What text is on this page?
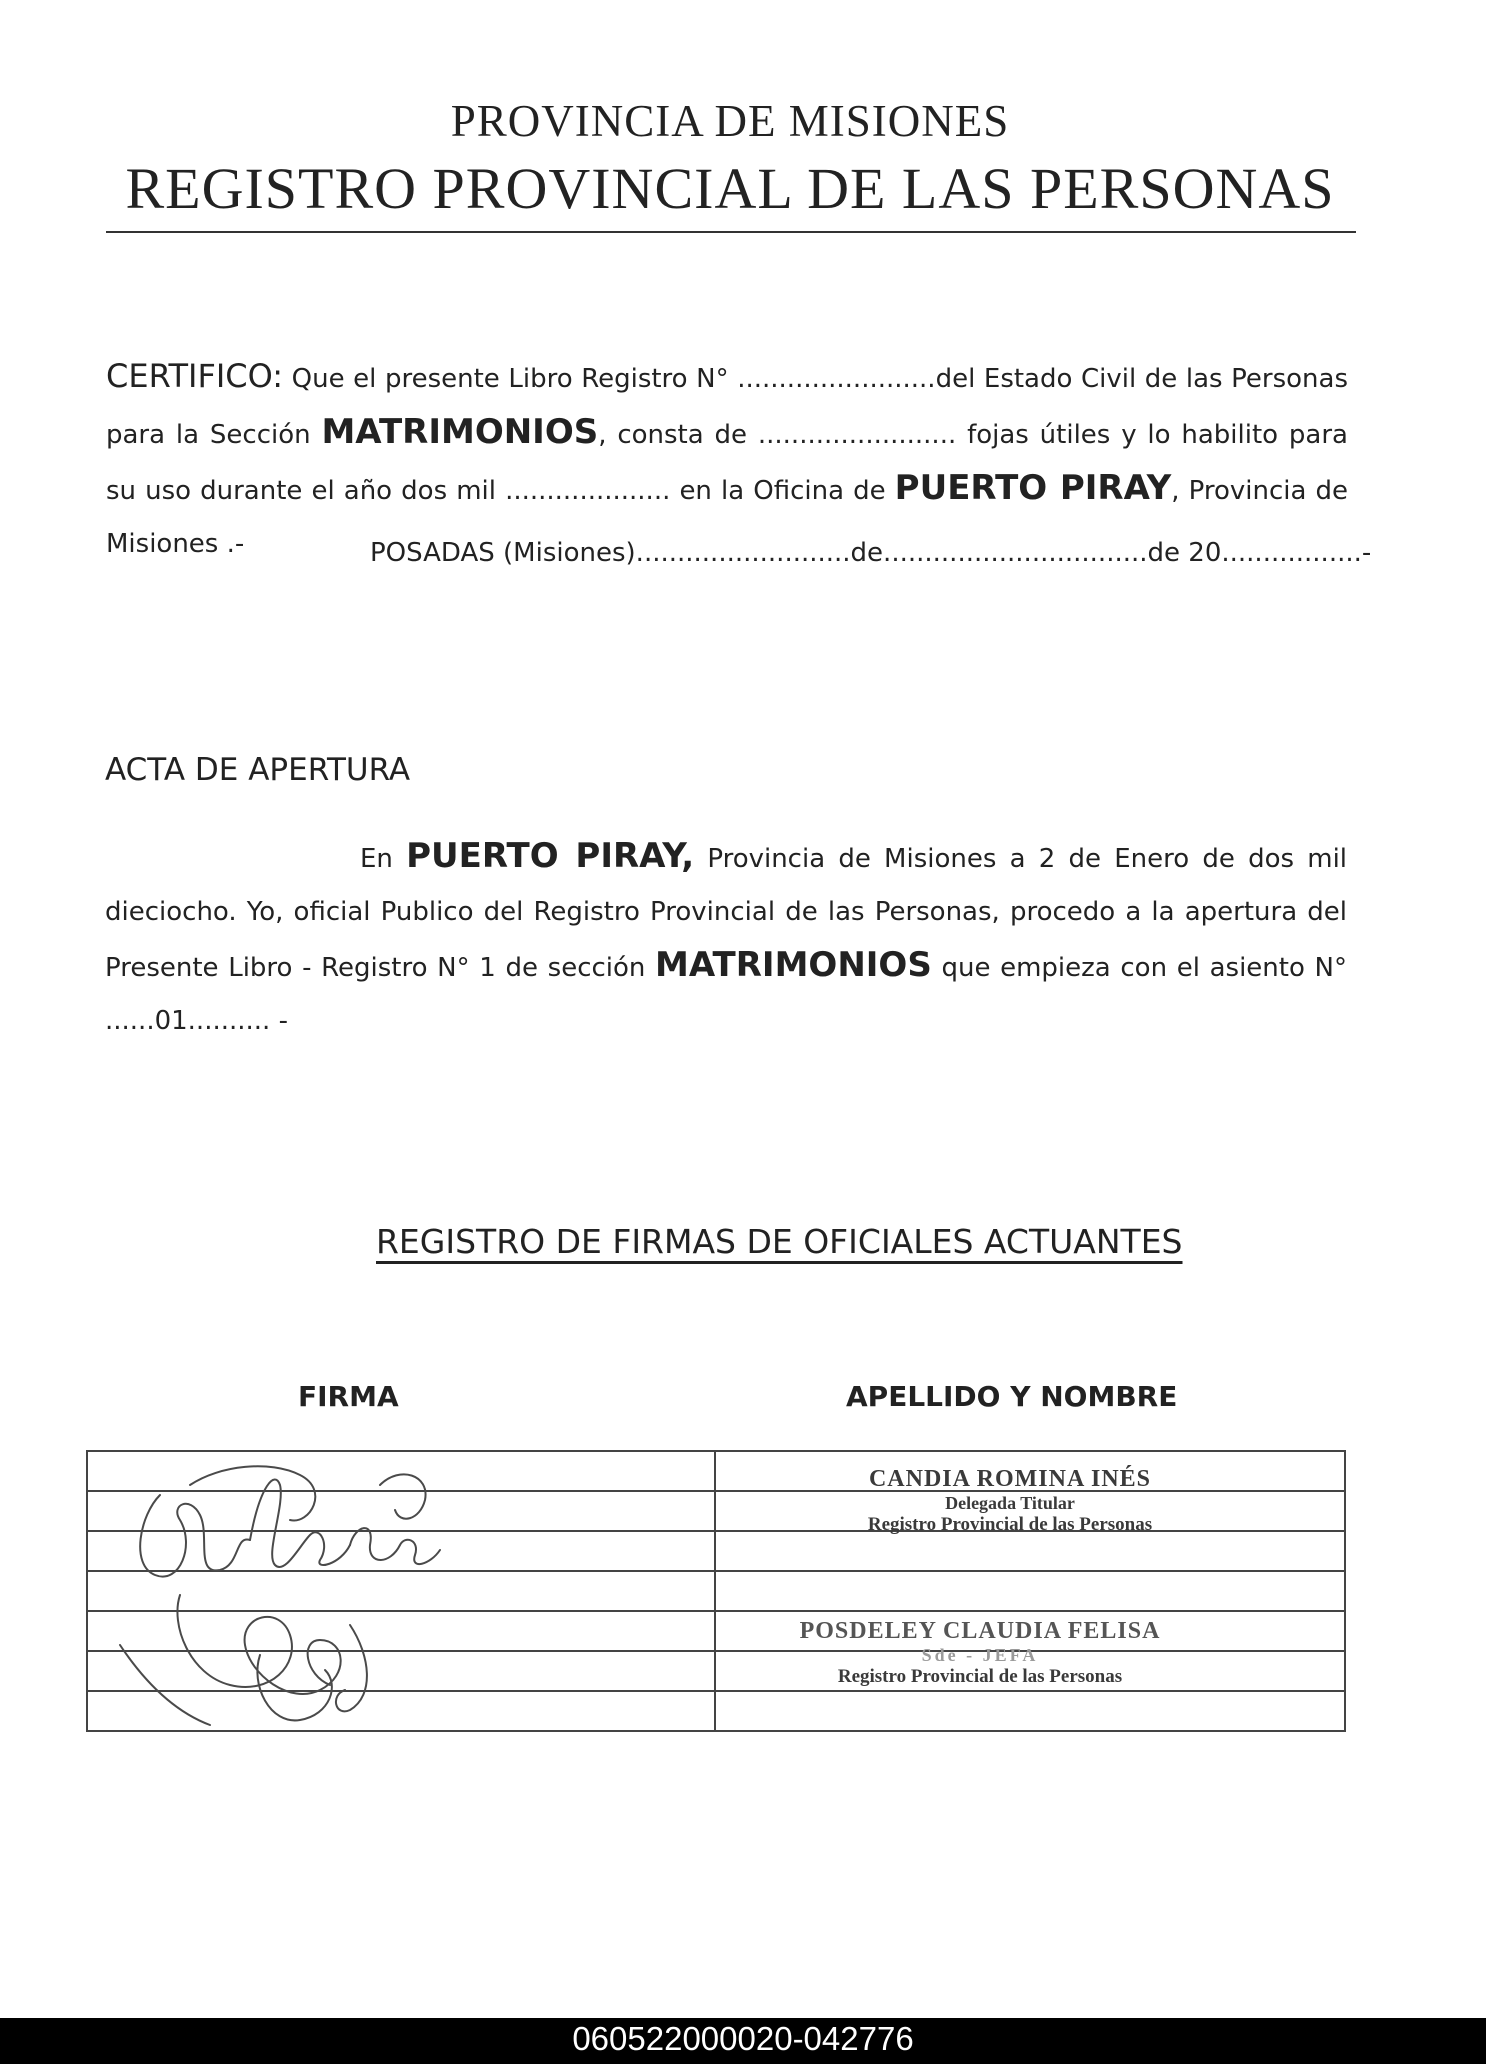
PROVINCIA DE MISIONES
REGISTRO PROVINCIAL DE LAS PERSONAS
CERTIFICO: Que el presente Libro Registro N° ........................del Estado Civil de las Personas para la Sección MATRIMONIOS, consta de ........................ fojas útiles y lo habilito para su uso durante el año dos mil .................... en la Oficina de PUERTO PIRAY, Provincia de Misiones .-	POSADAS (Misiones)..........................de................................de 20.................-
ACTA DE APERTURA
En PUERTO PIRAY, Provincia de Misiones a 2 de Enero de dos mil dieciocho. Yo, oficial Publico del Registro Provincial de las Personas, procedo a la apertura del Presente Libro - Registro N° 1 de sección MATRIMONIOS que empieza con el asiento N° ......01.......... -
REGISTRO DE FIRMAS DE OFICIALES ACTUANTES
FIRMA	APELLIDO Y NOMBRE

CANDIA ROMINA INÉS
Delegada Titular
Registro Provincial de las Personas
POSDELEY CLAUDIA FELISA
Sde - JEFA
Registro Provincial de las Personas
060522000020-042776
